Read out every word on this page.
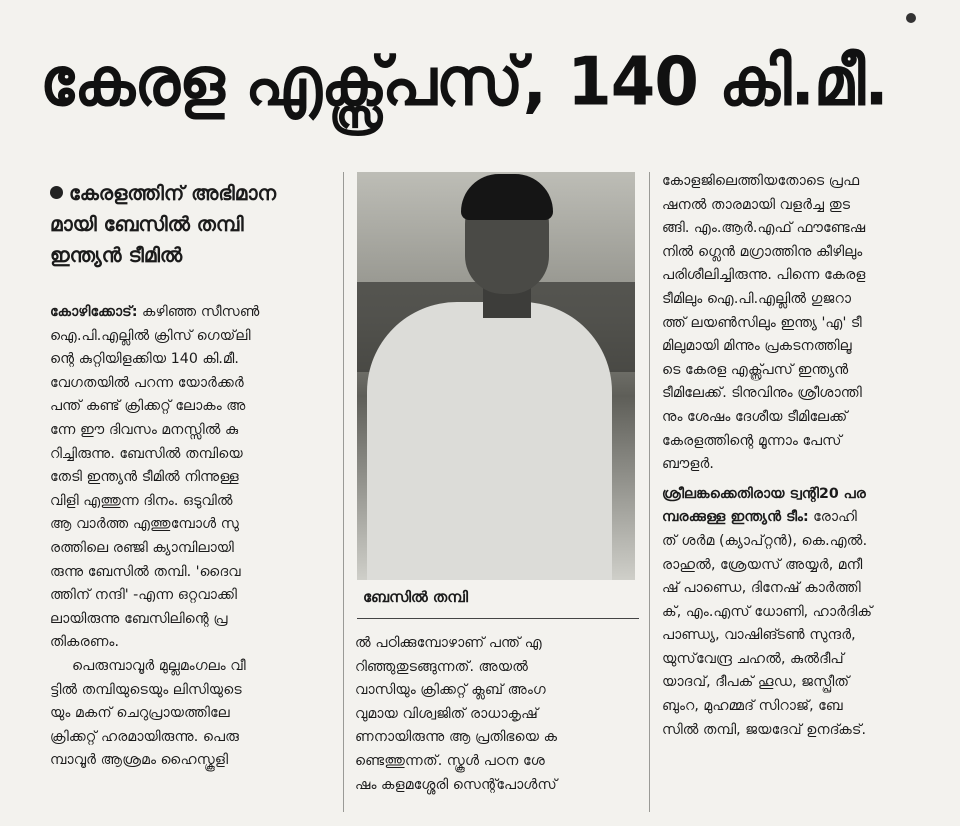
കേരള എക്സ്പ്രസ്, 140 കി.മീ.
കേരളത്തിന് അഭിമാന
മായി ബേസിൽ തമ്പി
ഇന്ത്യൻ ടീമിൽ

കോഴിക്കോട്: കഴിഞ്ഞ സീസൺ
ഐ.പി.എല്ലിൽ ക്രിസ് ഗെയ്‌ലി
ന്റെ കുറ്റിയിളക്കിയ 140 കി.മീ.
വേഗതയിൽ പറന്ന യോർക്കർ
പന്ത് കണ്ട് ക്രിക്കറ്റ് ലോകം അ
ന്നേ ഈ ദിവസം മനസ്സിൽ കു
റിച്ചിരുന്നു. ബേസിൽ തമ്പിയെ
തേടി ഇന്ത്യൻ ടീമിൽ നിന്നുള്ള
വിളി എത്തുന്ന ദിനം. ഒടുവിൽ
ആ വാർത്ത എത്തുമ്പോൾ സു
രത്തിലെ രഞ്ജി ക്യാമ്പിലായി
രുന്നു ബേസിൽ തമ്പി. 'ദൈവ
ത്തിന് നന്ദി' -എന്ന ഒറ്റവാക്കി
ലായിരുന്നു ബേസിലിന്റെ പ്ര
തികരണം.

പെരുമ്പാവൂർ മുല്ലമംഗലം വീ

ട്ടിൽ തമ്പിയുടെയും ലിസിയുടെ
യും മകന് ചെറുപ്രായത്തിലേ
ക്രിക്കറ്റ് ഹരമായിരുന്നു. പെരു
മ്പാവൂർ ആശ്രമം ഹൈസ്കൂളി

ബേസിൽ തമ്പി
ൽ പഠിക്കുമ്പോഴാണ് പന്ത് എ
റിഞ്ഞുതുടങ്ങുന്നത്. അയൽ
വാസിയും ക്രിക്കറ്റ് ക്ലബ് അംഗ
വുമായ വിശ്വജിത് രാധാകൃഷ്
ണനായിരുന്നു ആ പ്രതിഭയെ ക
ണ്ടെത്തുന്നത്. സ്കൂൾ പഠന ശേ
ഷം കളമശ്ശേരി സെന്റ്പോൾസ്
കോളജിലെത്തിയതോടെ പ്രഫ
ഷനൽ താരമായി വളർച്ച തുട
ങ്ങി. എം.ആർ.എഫ് ഫൗണ്ടേഷ
നിൽ ഗ്ലെൻ മഗ്രാത്തിനു കീഴിലും
പരിശീലിച്ചിരുന്നു. പിന്നെ കേരള
ടീമിലും ഐ.പി.എല്ലിൽ ഗുജറാ
ത്ത് ലയൺസിലും ഇന്ത്യ 'എ' ടീ
മിലുമായി മിന്നും പ്രകടനത്തിലൂ
ടെ കേരള എക്സ്പ്രസ് ഇന്ത്യൻ
ടീമിലേക്ക്. ടിനുവിനും ശ്രീശാന്തി
നും ശേഷം ദേശീയ ടീമിലേക്ക്
കേരളത്തിന്റെ മൂന്നാം പേസ്
ബൗളർ.
ശ്രീലങ്കക്കെതിരായ ട്വന്റി20 പര
മ്പരക്കുള്ള ഇന്ത്യൻ ടീം: രോഹി
ത് ശർമ (ക്യാപ്റ്റൻ), കെ.എൽ.
രാഹുൽ, ശ്രേയസ് അയ്യർ, മനീ
ഷ് പാണ്ഡെ, ദിനേഷ് കാർത്തി
ക്, എം.എസ് ധോണി, ഹാർദിക്
പാണ്ഡ്യ, വാഷിങ്ടൺ സുന്ദർ,
യുസ്‌വേന്ദ്ര ചഹൽ, കുൽദീപ്
യാദവ്, ദീപക് ഹൂഡ, ജസ്പ്രീത്
ബുംറ, മുഹമ്മദ് സിറാജ്, ബേ
സിൽ തമ്പി, ജയദേവ് ഉനദ്കട്.
